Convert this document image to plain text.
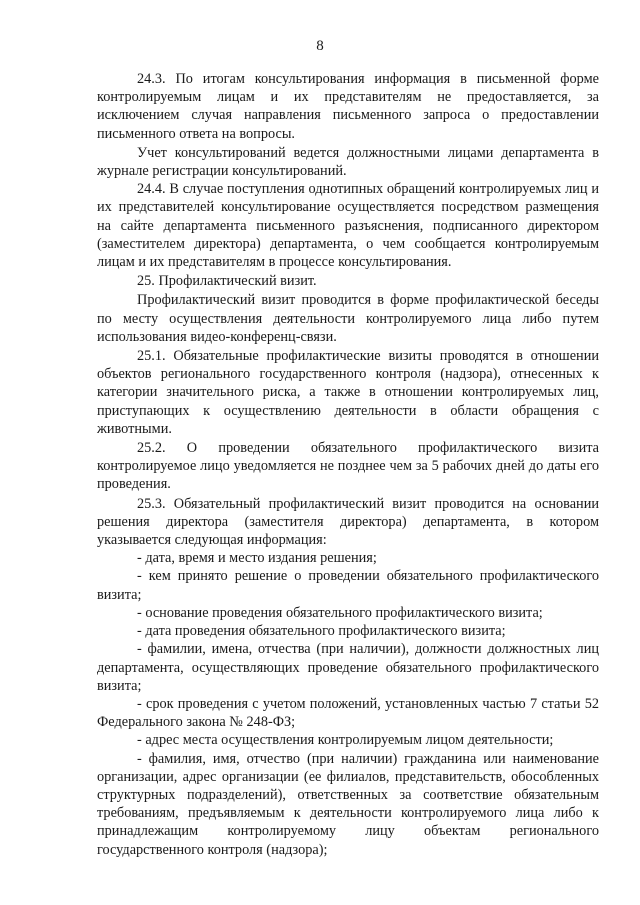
8

24.3. По итогам консультирования информация в письменной форме контролируемым лицам и их представителям не предоставляется, за исключением случая направления письменного запроса о предоставлении письменного ответа на вопросы.

Учет консультирований ведется должностными лицами департамента в журнале регистрации консультирований.

24.4. В случае поступления однотипных обращений контролируемых лиц и их представителей консультирование осуществляется посредством размещения на сайте департамента письменного разъяснения, подписанного директором (заместителем директора) департамента, о чем сообщается контролируемым лицам и их представителям в процессе консультирования.

25. Профилактический визит.

Профилактический визит проводится в форме профилактической беседы по месту осуществления деятельности контролируемого лица либо путем использования видео-конференц-связи.

25.1. Обязательные профилактические визиты проводятся в отношении объектов регионального государственного контроля (надзора), отнесенных к категории значительного риска, а также в отношении контролируемых лиц, приступающих к осуществлению деятельности в области обращения с животными.

25.2. О проведении обязательного профилактического визита контролируемое лицо уведомляется не позднее чем за 5 рабочих дней до даты его проведения.

25.3. Обязательный профилактический визит проводится на основании решения директора (заместителя директора) департамента, в котором указывается следующая информация:

- дата, время и место издания решения;

- кем принято решение о проведении обязательного профилактического визита;

- основание проведения обязательного профилактического визита;

- дата проведения обязательного профилактического визита;

- фамилии, имена, отчества (при наличии), должности должностных лиц департамента, осуществляющих проведение обязательного профилактического визита;

- срок проведения с учетом положений, установленных частью 7 статьи 52 Федерального закона № 248-ФЗ;

- адрес места осуществления контролируемым лицом деятельности;

- фамилия, имя, отчество (при наличии) гражданина или наименование организации, адрес организации (ее филиалов, представительств, обособленных структурных подразделений), ответственных за соответствие обязательным требованиям, предъявляемым к деятельности контролируемого лица либо к принадлежащим контролируемому лицу объектам регионального государственного контроля (надзора);
